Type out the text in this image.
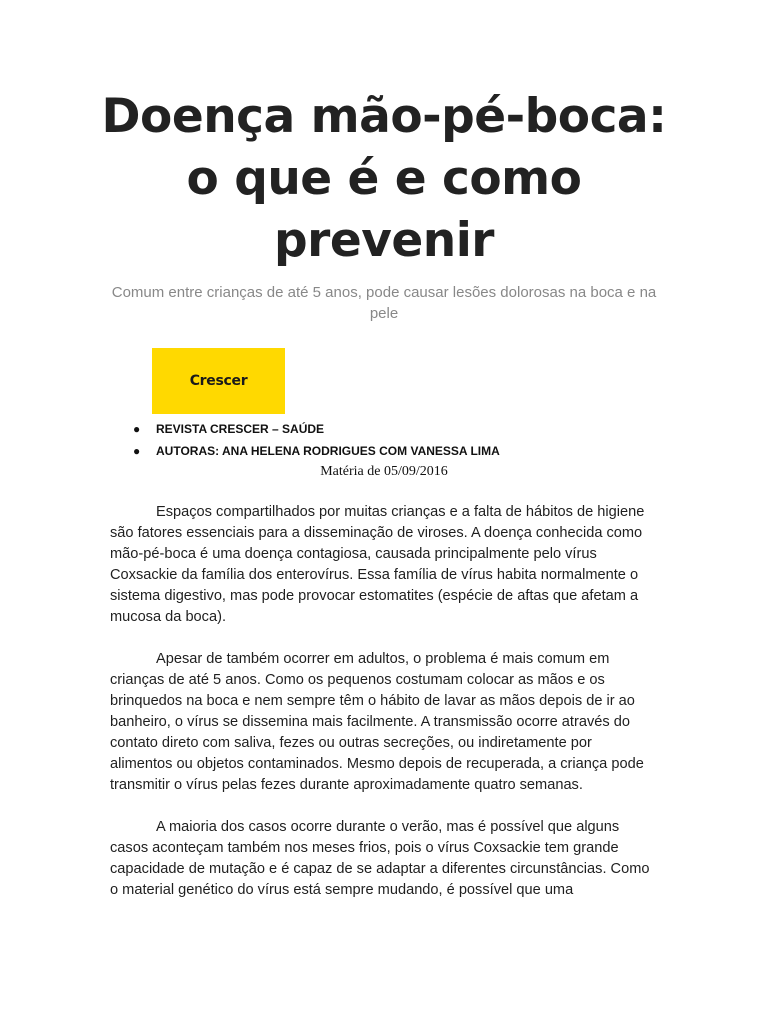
Doença mão-pé-boca: o que é e como prevenir

Comum entre crianças de até 5 anos, pode causar lesões dolorosas na boca e na pele

Crescer
● REVISTA CRESCER – SAÚDE
● AUTORAS: ANA HELENA RODRIGUES COM VANESSA LIMA
Matéria de 05/09/2016

Espaços compartilhados por muitas crianças e a falta de hábitos de higiene são fatores essenciais para a disseminação de viroses. A doença conhecida como mão-pé-boca é uma doença contagiosa, causada principalmente pelo vírus Coxsackie da família dos enterovírus. Essa família de vírus habita normalmente o sistema digestivo, mas pode provocar estomatites (espécie de aftas que afetam a mucosa da boca).

Apesar de também ocorrer em adultos, o problema é mais comum em crianças de até 5 anos. Como os pequenos costumam colocar as mãos e os brinquedos na boca e nem sempre têm o hábito de lavar as mãos depois de ir ao banheiro, o vírus se dissemina mais facilmente. A transmissão ocorre através do contato direto com saliva, fezes ou outras secreções, ou indiretamente por alimentos ou objetos contaminados. Mesmo depois de recuperada, a criança pode transmitir o vírus pelas fezes durante aproximadamente quatro semanas.

A maioria dos casos ocorre durante o verão, mas é possível que alguns casos aconteçam também nos meses frios, pois o vírus Coxsackie tem grande capacidade de mutação e é capaz de se adaptar a diferentes circunstâncias. Como o material genético do vírus está sempre mudando, é possível que uma
